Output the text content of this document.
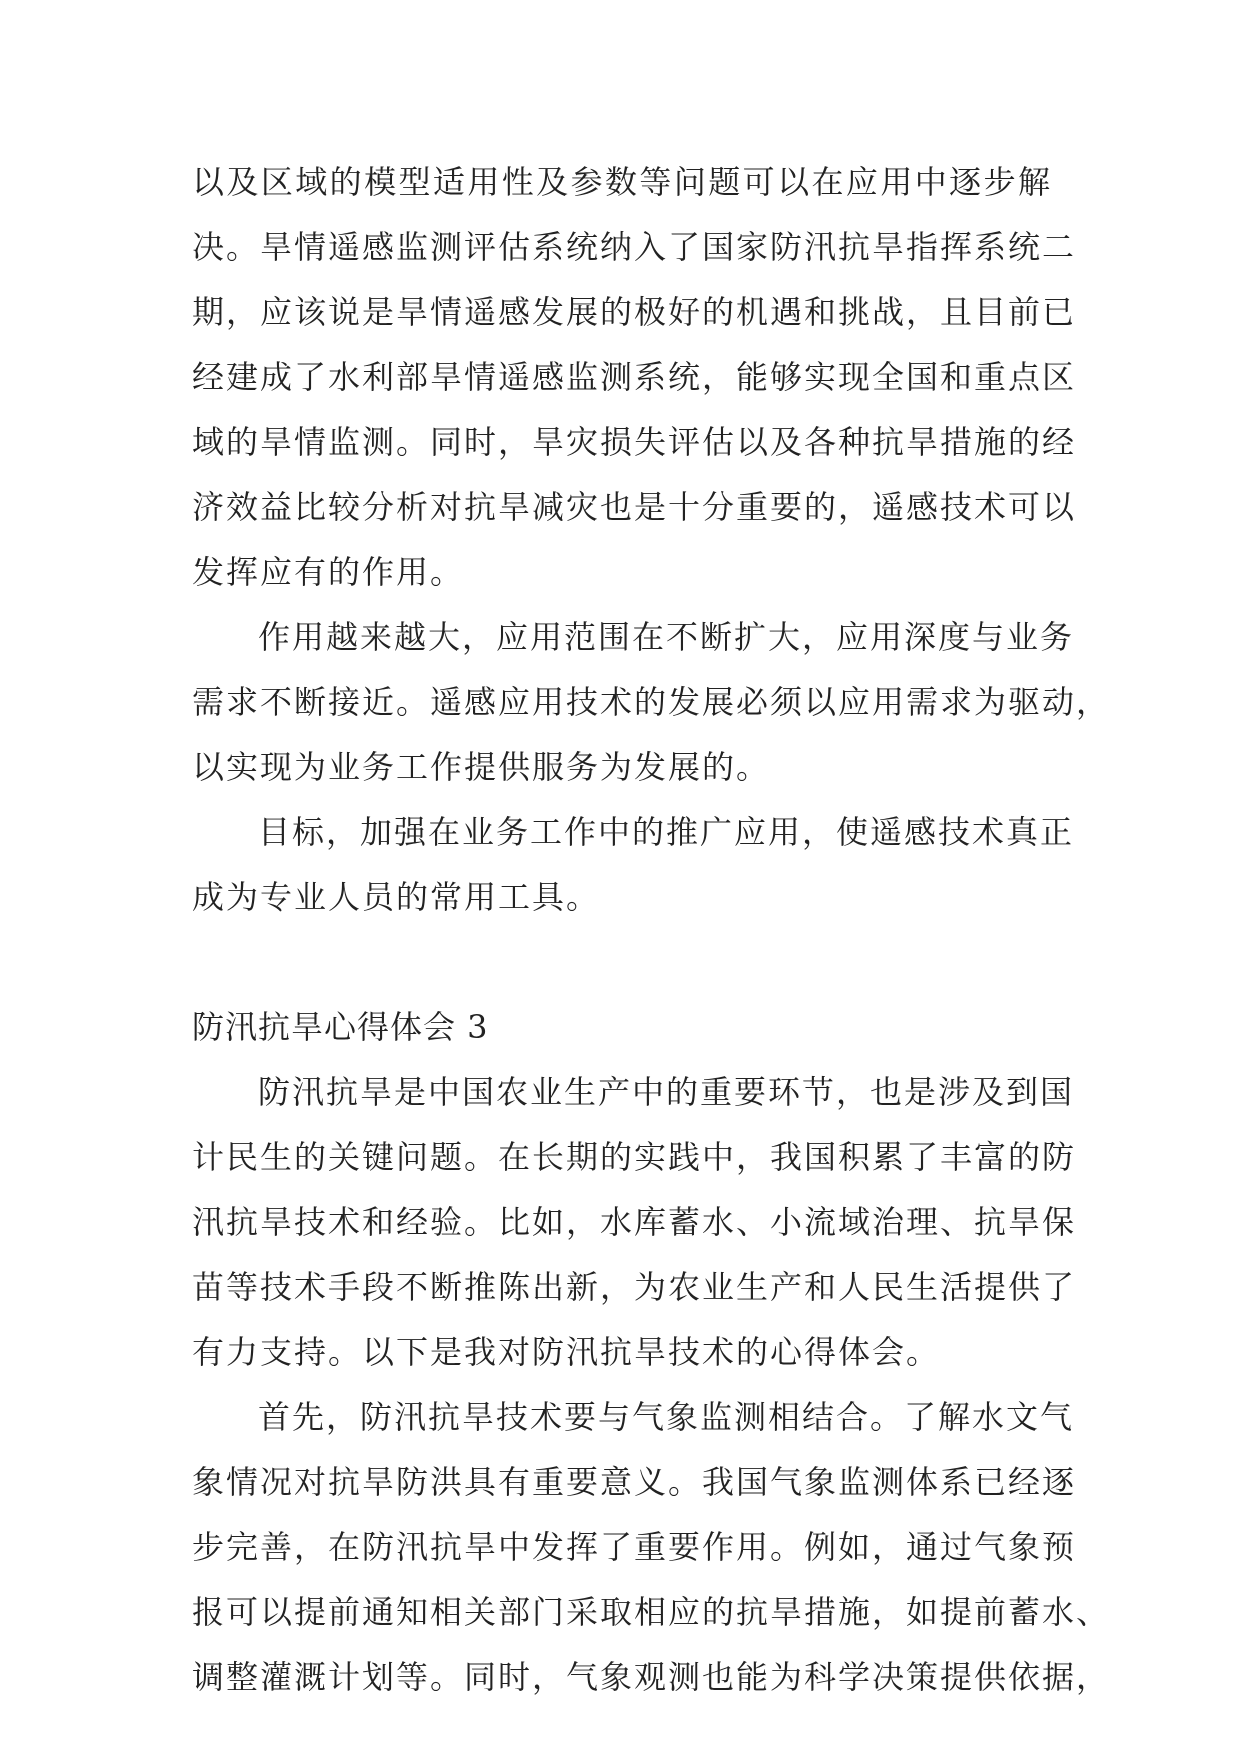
以及区域的模型适用性及参数等问题可以在应用中逐步解
决。旱情遥感监测评估系统纳入了国家防汛抗旱指挥系统二
期，应该说是旱情遥感发展的极好的机遇和挑战，且目前已
经建成了水利部旱情遥感监测系统，能够实现全国和重点区
域的旱情监测。同时，旱灾损失评估以及各种抗旱措施的经
济效益比较分析对抗旱减灾也是十分重要的，遥感技术可以
发挥应有的作用。
作用越来越大，应用范围在不断扩大，应用深度与业务
需求不断接近。遥感应用技术的发展必须以应用需求为驱动，
以实现为业务工作提供服务为发展的。
目标，加强在业务工作中的推广应用，使遥感技术真正
成为专业人员的常用工具。
防汛抗旱心得体会 3
防汛抗旱是中国农业生产中的重要环节，也是涉及到国
计民生的关键问题。在长期的实践中，我国积累了丰富的防
汛抗旱技术和经验。比如，水库蓄水、小流域治理、抗旱保
苗等技术手段不断推陈出新，为农业生产和人民生活提供了
有力支持。以下是我对防汛抗旱技术的心得体会。
首先，防汛抗旱技术要与气象监测相结合。了解水文气
象情况对抗旱防洪具有重要意义。我国气象监测体系已经逐
步完善，在防汛抗旱中发挥了重要作用。例如，通过气象预
报可以提前通知相关部门采取相应的抗旱措施，如提前蓄水、
调整灌溉计划等。同时，气象观测也能为科学决策提供依据，
